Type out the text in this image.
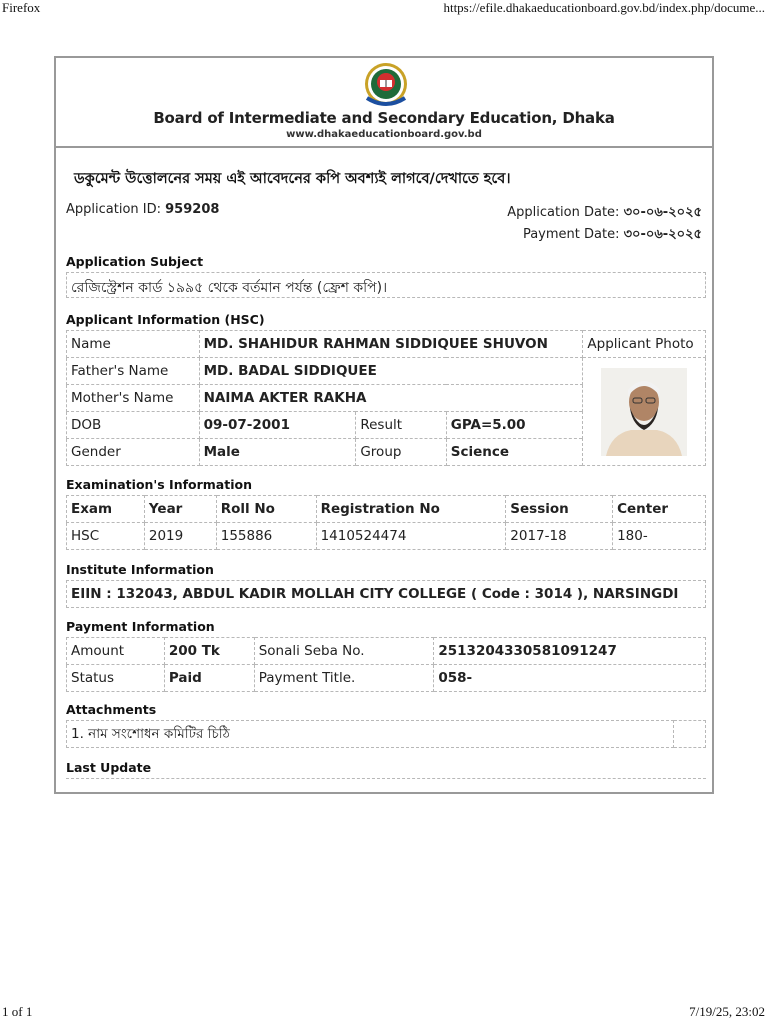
Firefox	https://efile.dhakaeducationboard.gov.bd/index.php/docume...
Board of Intermediate and Secondary Education, Dhaka
www.dhakaeducationboard.gov.bd
ডকুমেন্ট উত্তোলনের সময় এই আবেদনের কপি অবশ্যই লাগবে/দেখাতে হবে।
Application ID: 959208	Application Date: ৩০-০৬-২০২৫
Payment Date: ৩০-০৬-২০২৫
Application Subject
রেজিস্ট্রেশন কার্ড ১৯৯৫ থেকে বর্তমান পর্যন্ত (ফ্রেশ কপি)।
Applicant Information (HSC)
Name	MD. SHAHIDUR RAHMAN SIDDIQUEE SHUVON			Applicant Photo
Father's Name	MD. BADAL SIDDIQUEE	

Mother's Name	NAIMA AKTER RAKHA			
DOB	09-07-2001	Result	GPA=5.00	
Gender	Male	Group	Science	
Examination's Information
Exam	Year	Roll No	Registration No	Session	Center
HSC	2019	155886	1410524474	2017-18	180-
Institute Information
EIIN : 132043, ABDUL KADIR MOLLAH CITY COLLEGE ( Code : 3014 ), NARSINGDI
Payment Information
Amount	200 Tk	Sonali Seba No.	2513204330581091247
Status	Paid	Payment Title.	058-
Attachments
1. নাম সংশোধন কমিটির চিঠি	
Last Update
1 of 1	7/19/25, 23:02
